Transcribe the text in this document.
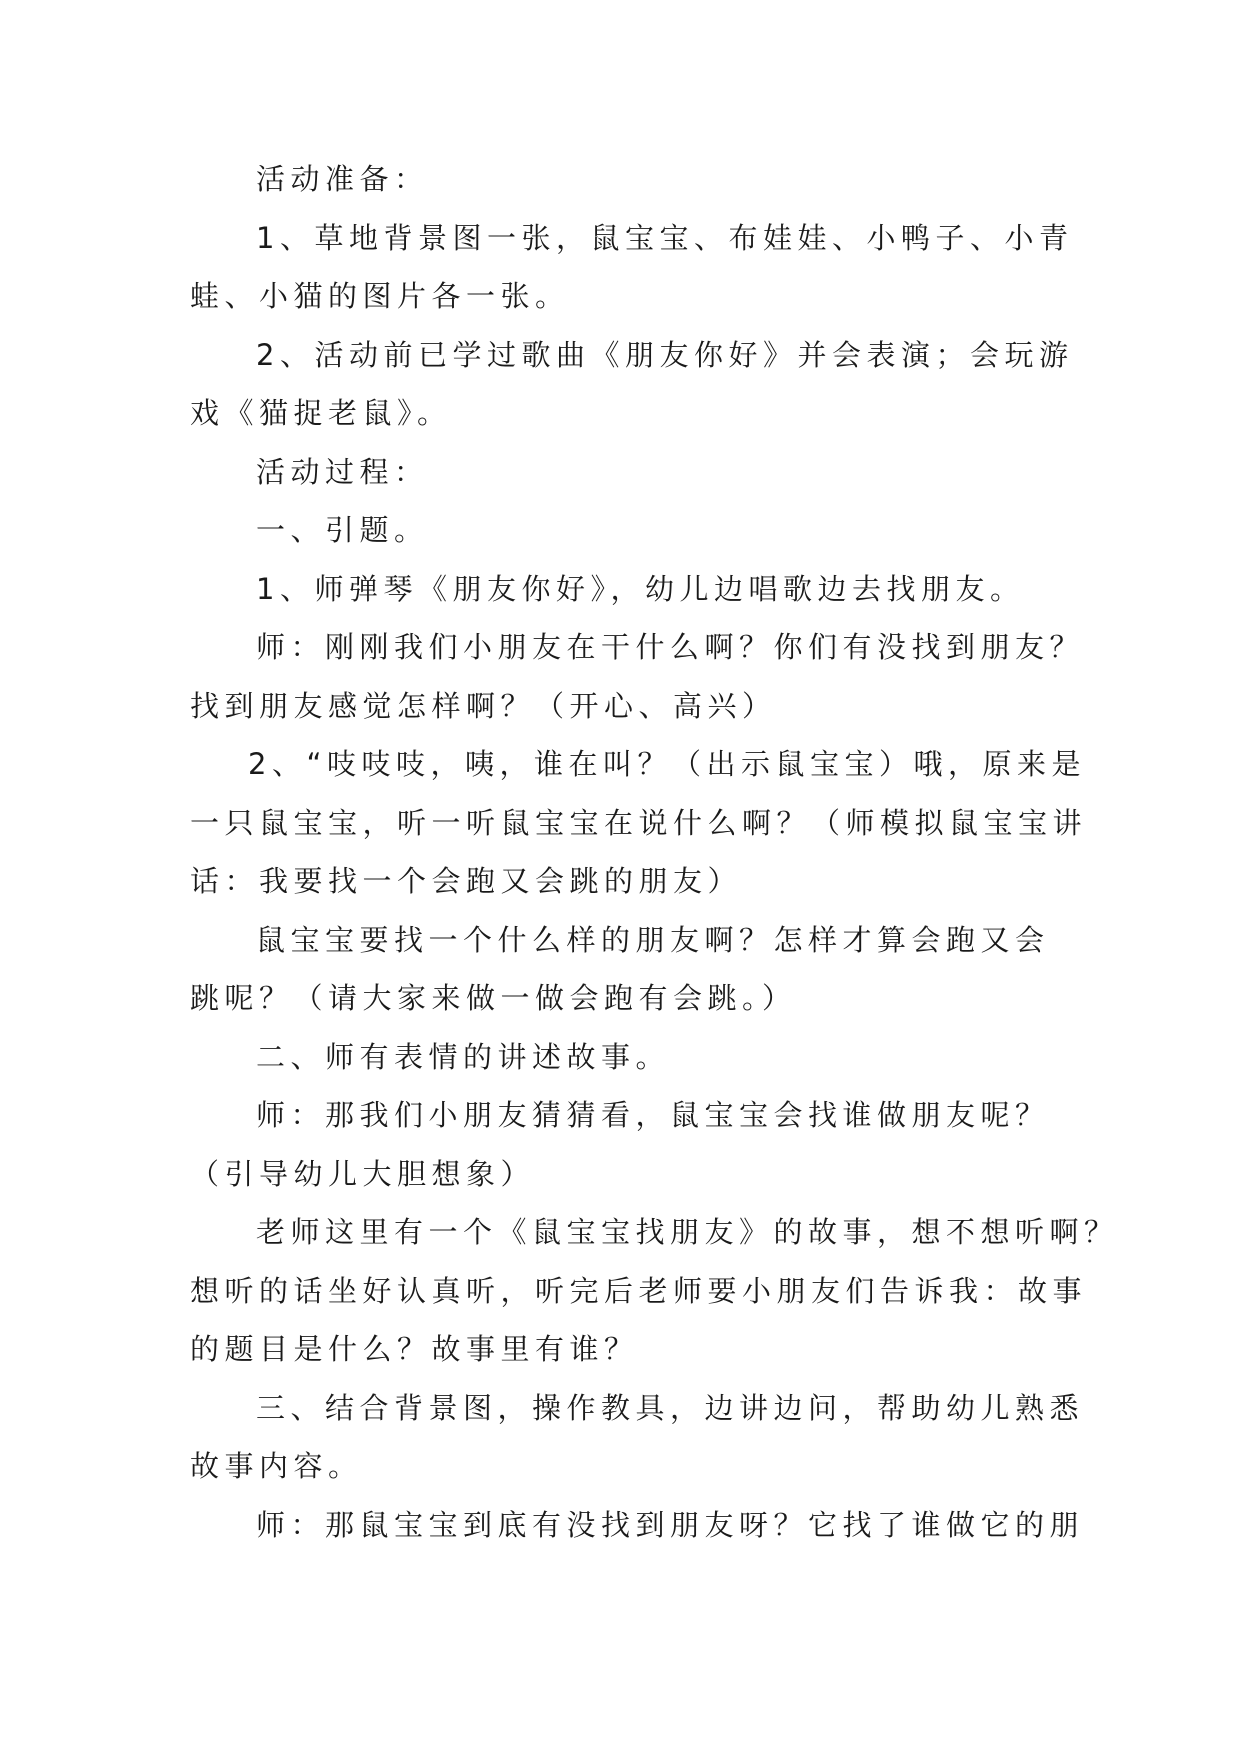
活动准备：
1、草地背景图一张，鼠宝宝、布娃娃、小鸭子、小青
蛙、小猫的图片各一张。
2、活动前已学过歌曲《朋友你好》并会表演；会玩游
戏《猫捉老鼠》。
活动过程：
一、引题。
1、师弹琴《朋友你好》，幼儿边唱歌边去找朋友。
师：刚刚我们小朋友在干什么啊？你们有没找到朋友？
找到朋友感觉怎样啊？（开心、高兴）
2、“吱吱吱，咦，谁在叫？（出示鼠宝宝）哦，原来是
一只鼠宝宝，听一听鼠宝宝在说什么啊？（师模拟鼠宝宝讲
话：我要找一个会跑又会跳的朋友）
鼠宝宝要找一个什么样的朋友啊？怎样才算会跑又会
跳呢？（请大家来做一做会跑有会跳。）
二、师有表情的讲述故事。
师：那我们小朋友猜猜看，鼠宝宝会找谁做朋友呢？
（引导幼儿大胆想象）
老师这里有一个《鼠宝宝找朋友》的故事，想不想听啊？
想听的话坐好认真听，听完后老师要小朋友们告诉我：故事
的题目是什么？故事里有谁？
三、结合背景图，操作教具，边讲边问，帮助幼儿熟悉
故事内容。
师：那鼠宝宝到底有没找到朋友呀？它找了谁做它的朋
